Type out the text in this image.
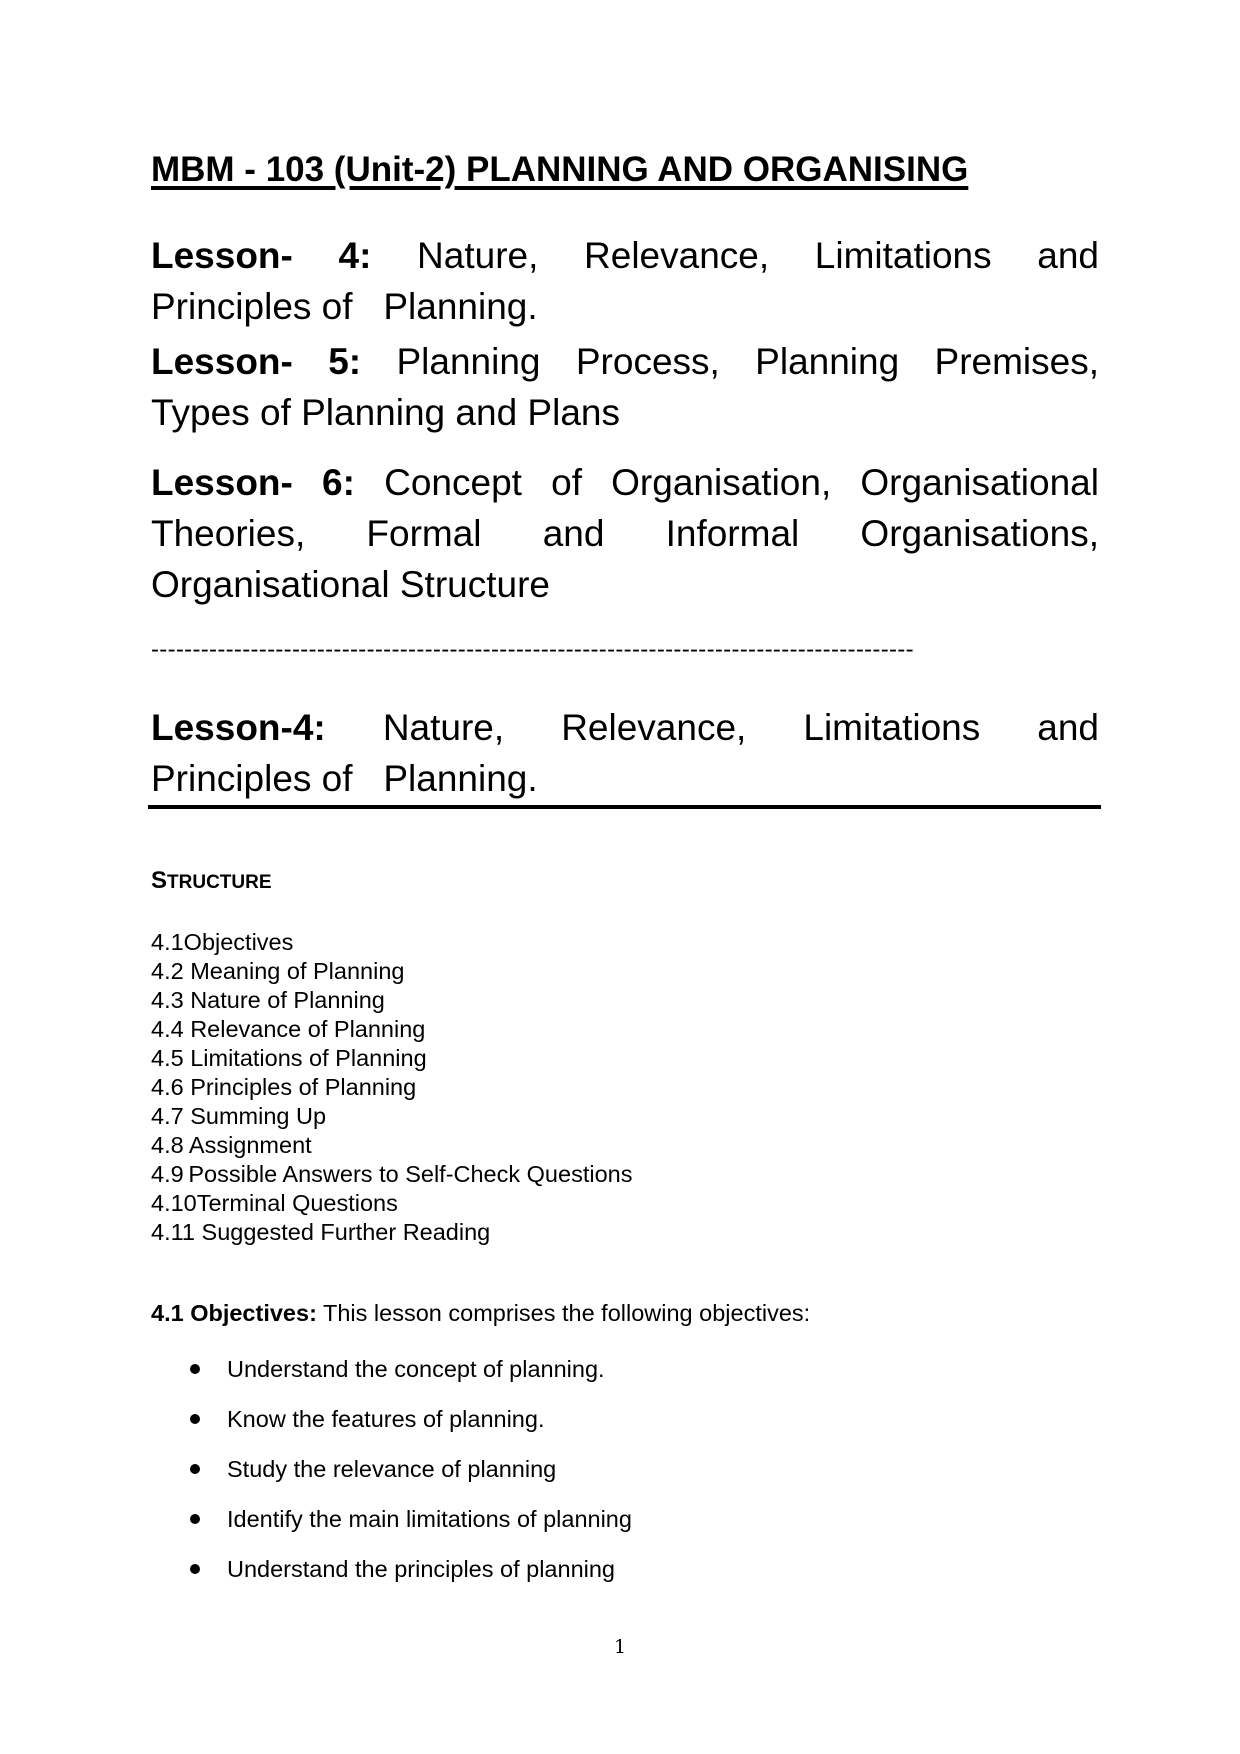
MBM - 103 (Unit-2) PLANNING AND ORGANISING
Lesson- 4: Nature, Relevance, Limitations and
Principles of   Planning.
Lesson- 5: Planning Process, Planning Premises,
Types of Planning and Plans
Lesson- 6: Concept of Organisation, Organisational
Theories, Formal and Informal Organisations,
Organisational Structure
--------------------------------------------------------------------------------------------
Lesson-4: Nature, Relevance, Limitations and
Principles of   Planning.
STRUCTURE
4.1Objectives
4.2 Meaning of Planning
4.3 Nature of Planning
4.4 Relevance of Planning
4.5 Limitations of Planning
4.6 Principles of Planning
4.7 Summing Up
4.8 Assignment
4.9 Possible Answers to Self-Check Questions
4.10Terminal Questions
4.11 Suggested Further Reading
4.1 Objectives: This lesson comprises the following objectives:
Understand the concept of planning.
Know the features of planning.
Study the relevance of planning
Identify the main limitations of planning
Understand the principles of planning
1
